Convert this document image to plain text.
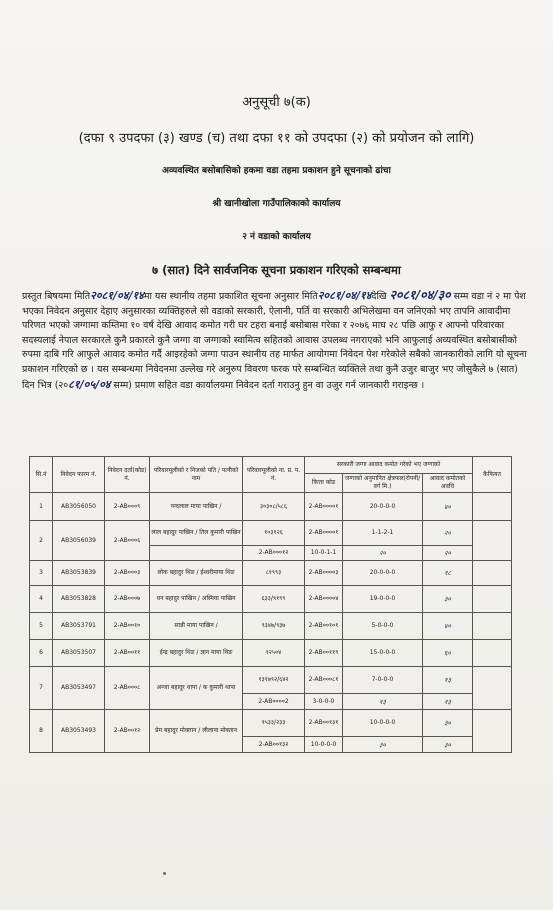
अनुसूची ७(क)
(दफा ९ उपदफा (३) खण्ड (च) तथा दफा ११ को उपदफा (२) को प्रयोजन को लागि)
अव्यवस्थित बसोबासिको हकमा वडा तहमा प्रकाशन हुने सूचनाको ढांचा
श्री खानीखोला गाउँपालिकाको कार्यालय
२ नं वडाको कार्यालय
७ (सात) दिने सार्वजनिक सूचना प्रकाशन गरिएको सम्बन्धमा
प्रस्तुत बिषयमा मिति२०८१/०४/१४मा यस स्थानीय तहमा प्रकाशित सूचना अनुसार मिति२०८१/०४/१४देखि २०८१/०४/३० सम्म वडा नं २ मा पेश भएका निवेदन अनुसार देहाए अनुसारका व्यक्तिहरुले सो वडाको सरकारी, ऐलानी, पर्ति वा सरकारी अभिलेखमा वन जनिएको भए तापनि आवादीमा परिणत भएको जग्गामा कम्तिमा १० वर्ष देखि आवाद कमोत गरी घर टहरा बनाई बसोबास गरेका र २०७६ माघ २८ पछि आफु र आफ्नो परिवारका सदस्यलाई नेपाल सरकारले कुनै प्रकारले कुनै जग्गा वा जग्गाको स्वामित्व सहितको आवास उपलब्ध नगराएको भनि आफुलाई अव्यवस्थित बसोबासीको रुपमा दाबि गरि आफुले आवाद कमोत गर्दै आइरहेको जग्गा पाउन स्थानीय तह मार्फत आयोगमा निवेदन पेश गरेकोले सबैको जानकारीको लागि यो सूचना प्रकाशन गरिएको छ । यस सम्बन्धमा निवेदनमा उल्लेख गरे अनुरुप विवरण फरक परे सम्बन्धित व्यक्तिले तथा कुनै उजुर बाजुर भए जोसुकैले ७ (सात) दिन भित्र (२०८१/०५/०४ सम्म) प्रमाण सहित वडा कार्यालयमा निवेदन दर्ता गराउनु हुन वा उजुर गर्न जानकारी गराइन्छ ।
सि.नं	निवेदन फारम नं.	निवेदन दर्ता(कोड) नं.	परिवारमूलीको र निजको पति / पत्नीको नाम	परिवारमूलीको ना. प्र. प. नं.	सरकारी जग्गा आवाद कमोत गरेको भए जग्गाको			कैफियत
					कित्ता कोड	जग्गाको अनुमानित क्षेत्रफल(रोपनी/वर्ग मि.)	आवाद कमोतको अवधि	
1	AB3056050	2-AB०००९	नन्दलाल माया पाखिन /	३०३०८/५८६	2-AB००००१	20-0-0-0	४०	
2	AB3056039	2-AB०००६	लाल बहादुर पाखिन / तिल कुमारी पाखिन	१०३१२६	2-AB००००१	1-1-2-1	२०	
				2-AB०००१२	10-0-1-1	२०	२०	
3	AB3053839	2-AB०००३	लोक बहादुर थिङ / ईश्वरीमाया थिङ	८१९९३	2-AB००००३	20-0-0-0	१८	
4	AB3053828	2-AB०००७	धन बहादुर पाखिन / अस्मिया पाखिन	६३३/९१९९	2-AB००००४	19-0-0-0	३०	
5	AB3053791	2-AB००१०	सान्नी माया पाखिन /	९३४७/९३७	2-AB००१०१	5-0-0-0	४०	
6	AB3053507	2-AB००११	ईन्द्र बहादुर थिङ / ज्ञान माया थिङ	१२५०४	2-AB००११९	15-0-0-0	६०	
7	AB3053497	2-AB०००८	अन्जा बहादुर थापा / क कुमारी थापा	१३१७९२/६४२	2-AB०००८१	7-0-0-0	१३	
				2-AB००००2	3-0-0-0	१३	१३	
8	AB3053493	2-AB००१२	प्रेम बहादुर मोक्तान / लीलाना मोक्तान	१५३३/२३३	2-AB००१३१	10-0-0-0	३०	
				2-AB००१३२	10-0-0-0	३०	३०	
